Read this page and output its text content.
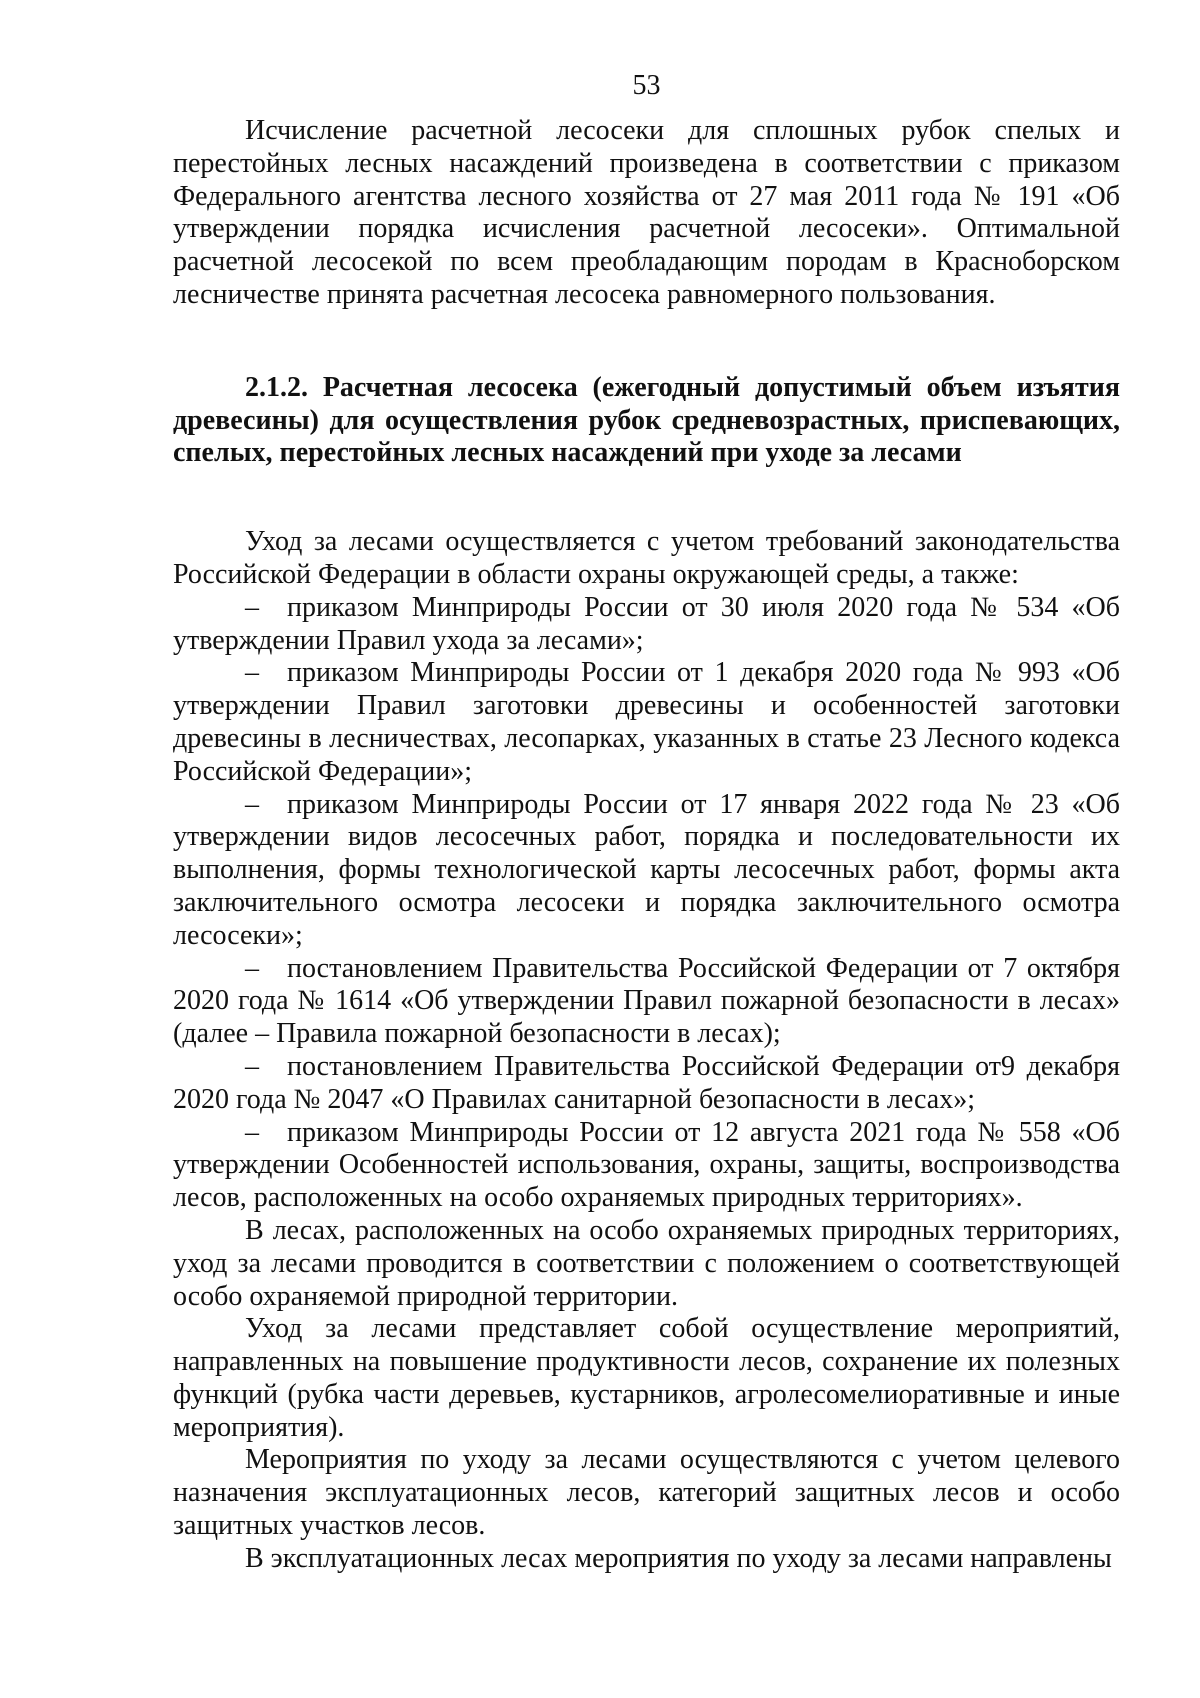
53

Исчисление расчетной лесосеки для сплошных рубок спелых и перестойных лесных насаждений произведена в соответствии с приказом Федерального агентства лесного хозяйства от 27 мая 2011 года № 191 «Об утверждении порядка исчисления расчетной лесосеки». Оптимальной расчетной лесосекой по всем преобладающим породам в Красноборском лесничестве принята расчетная лесосека равномерного пользования.

2.1.2. Расчетная лесосека (ежегодный допустимый объем изъятия древесины) для осуществления рубок средневозрастных, приспевающих, спелых, перестойных лесных насаждений при уходе за лесами

Уход за лесами осуществляется с учетом требований законодательства Российской Федерации в области охраны окружающей среды, а также:

– приказом Минприроды России от 30 июля 2020 года № 534 «Об утверждении Правил ухода за лесами»;

– приказом Минприроды России от 1 декабря 2020 года № 993 «Об утверждении Правил заготовки древесины и особенностей заготовки древесины в лесничествах, лесопарках, указанных в статье 23 Лесного кодекса Российской Федерации»;

– приказом Минприроды России от 17 января 2022 года № 23 «Об утверждении видов лесосечных работ, порядка и последовательности их выполнения, формы технологической карты лесосечных работ, формы акта заключительного осмотра лесосеки и порядка заключительного осмотра лесосеки»;

– постановлением Правительства Российской Федерации от 7 октября 2020 года № 1614 «Об утверждении Правил пожарной безопасности в лесах» (далее – Правила пожарной безопасности в лесах);

– постановлением Правительства Российской Федерации от9 декабря 2020 года № 2047 «О Правилах санитарной безопасности в лесах»;

– приказом Минприроды России от 12 августа 2021 года № 558 «Об утверждении Особенностей использования, охраны, защиты, воспроизводства лесов, расположенных на особо охраняемых природных территориях».

В лесах, расположенных на особо охраняемых природных территориях, уход за лесами проводится в соответствии с положением о соответствующей особо охраняемой природной территории.

Уход за лесами представляет собой осуществление мероприятий, направленных на повышение продуктивности лесов, сохранение их полезных функций (рубка части деревьев, кустарников, агролесомелиоративные и иные мероприятия).

Мероприятия по уходу за лесами осуществляются с учетом целевого назначения эксплуатационных лесов, категорий защитных лесов и особо защитных участков лесов.

В эксплуатационных лесах мероприятия по уходу за лесами направлены
